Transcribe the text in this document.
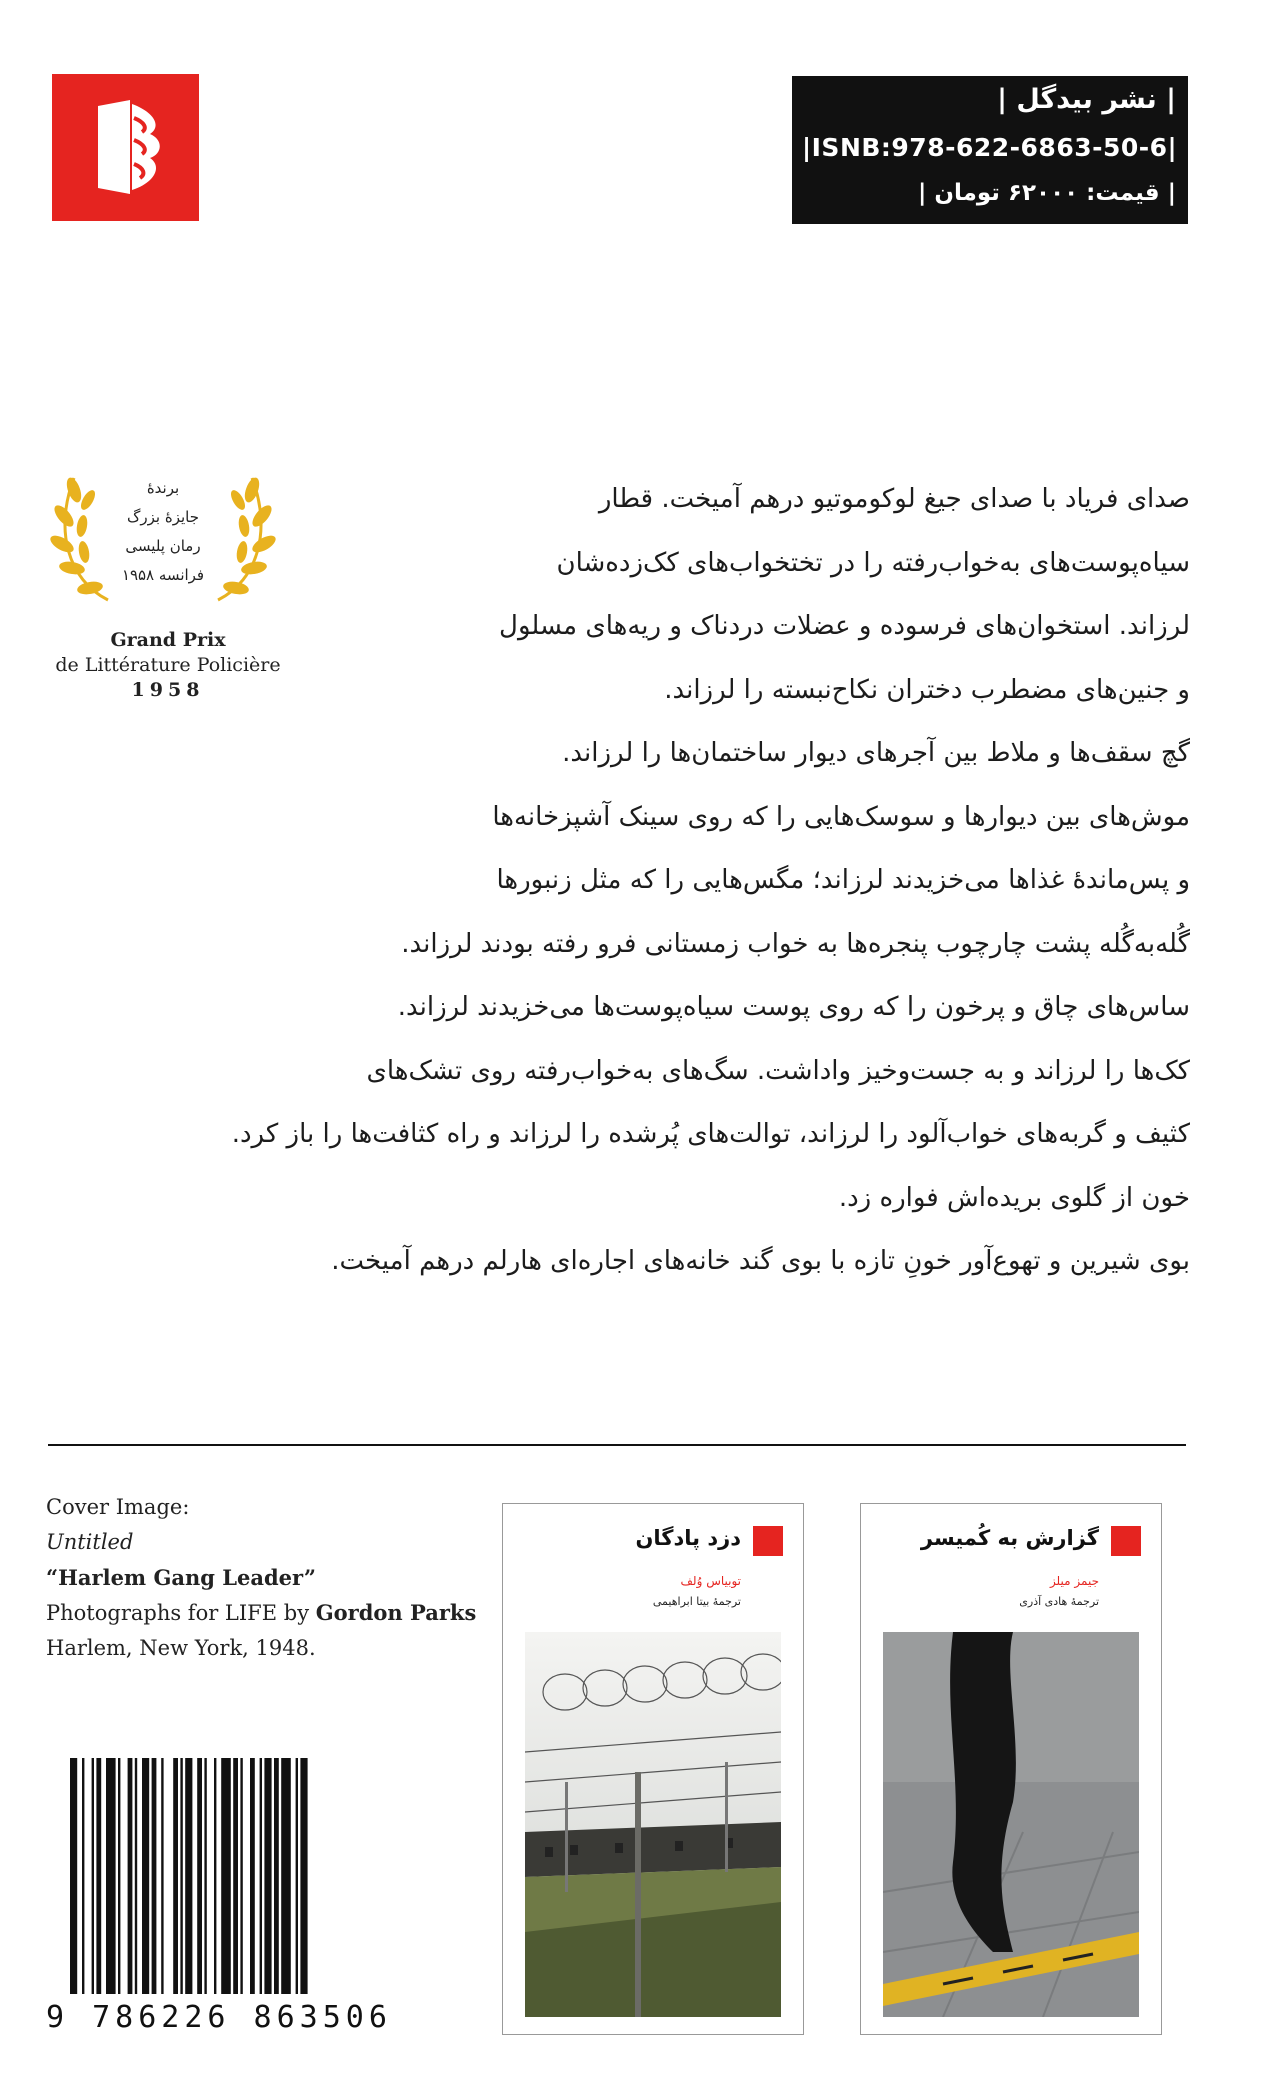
| نشر بیدگل |
|ISNB:978-622-6863-50-6|
| قیمت: ۶۲۰۰۰ تومان |
برندهٔ
جایزهٔ بزرگ
رمان پلیسی
فرانسه ۱۹۵۸
Grand Prix
de Littérature Policière
1958
صدای فریاد با صدای جیغ لوکوموتیو درهم آمیخت. قطار
سیاه‌پوست‌های به‌خواب‌رفته را در تختخواب‌های کک‌زده‌شان
لرزاند. استخوان‌های فرسوده و عضلات دردناک و ریه‌های مسلول
و جنین‌های مضطرب دختران نکاح‌نبسته را لرزاند.
گچ سقف‌ها و ملاط بین آجرهای دیوار ساختمان‌ها را لرزاند.
موش‌های بین دیوارها و سوسک‌هایی را که روی سینک آشپزخانه‌ها
و پس‌ماندهٔ غذاها می‌خزیدند لرزاند؛ مگس‌هایی را که مثل زنبورها
گُله‌به‌گُله پشت چارچوب پنجره‌ها به خواب زمستانی فرو رفته بودند لرزاند.
ساس‌های چاق و پرخون را که روی پوست سیاه‌پوست‌ها می‌خزیدند لرزاند.
کک‌ها را لرزاند و به جست‌وخیز واداشت. سگ‌های به‌خواب‌رفته روی تشک‌های
کثیف و گربه‌های خواب‌آلود را لرزاند، توالت‌های پُرشده را لرزاند و راه کثافت‌ها را باز کرد.
خون از گلوی بریده‌اش فواره زد.
بوی شیرین و تهوع‌آور خونِ تازه با بوی گند خانه‌های اجاره‌ای هارلم درهم آمیخت.
Cover Image:
Untitled
“Harlem Gang Leader”
Photographs for LIFE by Gordon Parks
Harlem, New York, 1948.
9 786226 863506
دزد پادگان
توبیاس وُلف
ترجمهٔ بیتا ابراهیمی
گزارش به کُمیسر
جیمز میلز
ترجمهٔ هادی آذری
